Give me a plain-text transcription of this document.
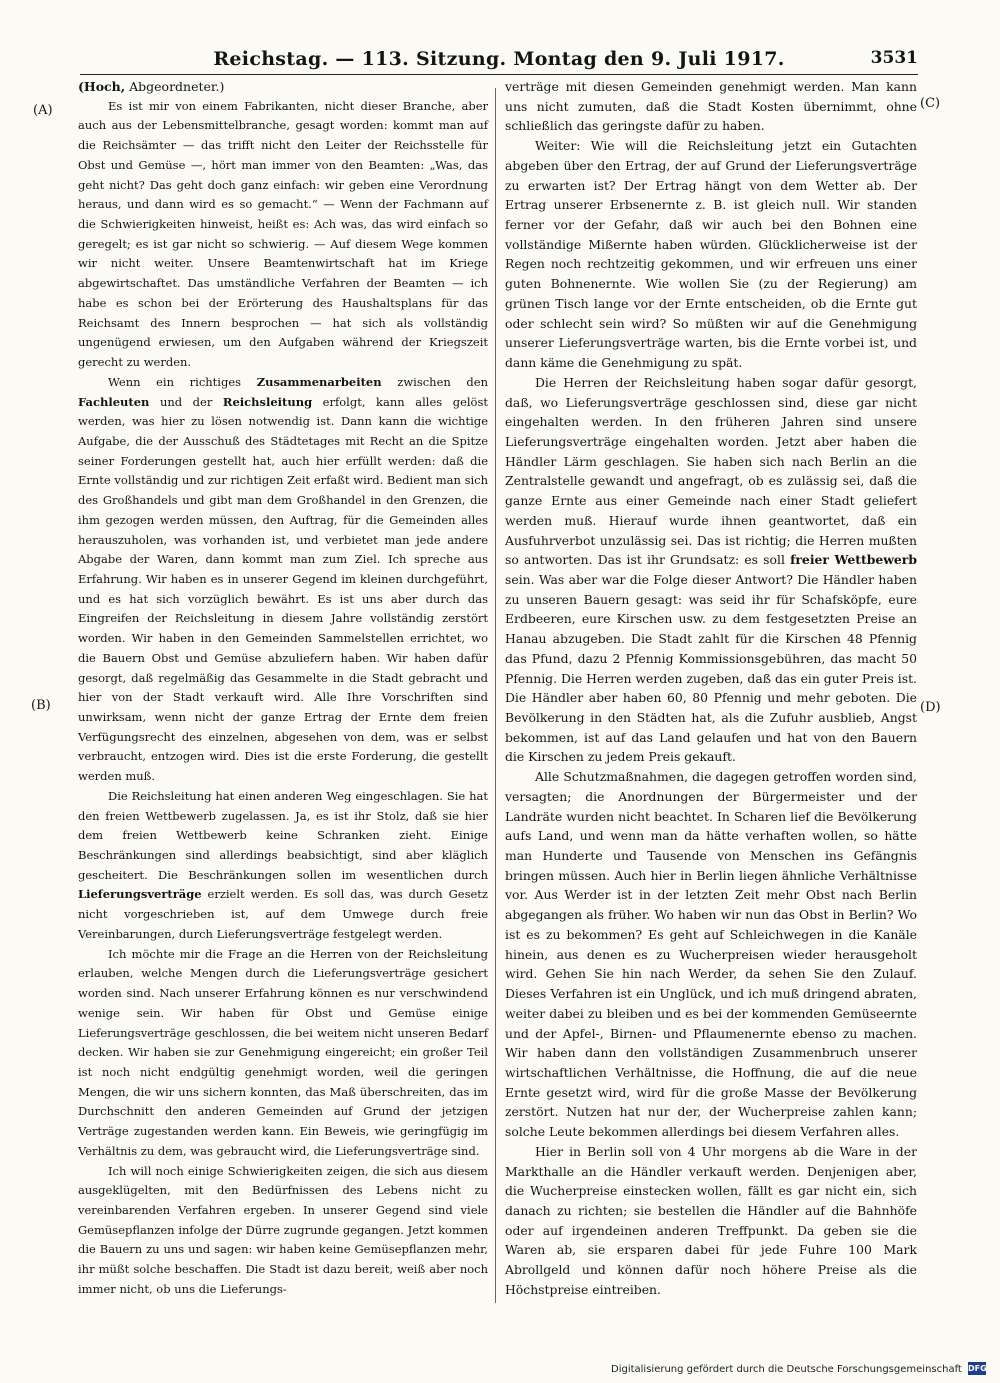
Reichstag. — 113. Sitzung. Montag den 9. Juli 1917.	3531
(A)
(B)
(C)
(D)

(Hoch, Abgeordneter.)

Es ist mir von einem Fabrikanten, nicht dieser Branche, aber auch aus der Lebensmittelbranche, gesagt worden: kommt man auf die Reichsämter — das trifft nicht den Leiter der Reichsstelle für Obst und Gemüse —, hört man immer von den Beamten: „Was, das geht nicht? Das geht doch ganz einfach: wir geben eine Verordnung heraus, und dann wird es so gemacht.“ — Wenn der Fachmann auf die Schwierigkeiten hinweist, heißt es: Ach was, das wird einfach so geregelt; es ist gar nicht so schwierig. — Auf diesem Wege kommen wir nicht weiter. Unsere Beamtenwirtschaft hat im Kriege abgewirtschaftet. Das umständliche Verfahren der Beamten — ich habe es schon bei der Erörterung des Haushaltsplans für das Reichsamt des Innern besprochen — hat sich als vollständig ungenügend erwiesen, um den Aufgaben während der Kriegszeit gerecht zu werden.

Wenn ein richtiges Zusammenarbeiten zwischen den Fachleuten und der Reichsleitung erfolgt, kann alles gelöst werden, was hier zu lösen notwendig ist. Dann kann die wichtige Aufgabe, die der Ausschuß des Städtetages mit Recht an die Spitze seiner Forderungen gestellt hat, auch hier erfüllt werden: daß die Ernte vollständig und zur richtigen Zeit erfaßt wird. Bedient man sich des Großhandels und gibt man dem Großhandel in den Grenzen, die ihm gezogen werden müssen, den Auftrag, für die Gemeinden alles herauszuholen, was vorhanden ist, und verbietet man jede andere Abgabe der Waren, dann kommt man zum Ziel. Ich spreche aus Erfahrung. Wir haben es in unserer Gegend im kleinen durchgeführt, und es hat sich vorzüglich bewährt. Es ist uns aber durch das Eingreifen der Reichsleitung in diesem Jahre vollständig zerstört worden. Wir haben in den Gemeinden Sammelstellen errichtet, wo die Bauern Obst und Gemüse abzuliefern haben. Wir haben dafür gesorgt, daß regelmäßig das Gesammelte in die Stadt gebracht und hier von der Stadt verkauft wird. Alle Ihre Vorschriften sind unwirksam, wenn nicht der ganze Ertrag der Ernte dem freien Verfügungsrecht des einzelnen, abgesehen von dem, was er selbst verbraucht, entzogen wird. Dies ist die erste Forderung, die gestellt werden muß.

Die Reichsleitung hat einen anderen Weg eingeschlagen. Sie hat den freien Wettbewerb zugelassen. Ja, es ist ihr Stolz, daß sie hier dem freien Wettbewerb keine Schranken zieht. Einige Beschränkungen sind allerdings beabsichtigt, sind aber kläglich gescheitert. Die Beschränkungen sollen im wesentlichen durch Lieferungsverträge erzielt werden. Es soll das, was durch Gesetz nicht vorgeschrieben ist, auf dem Umwege durch freie Vereinbarungen, durch Lieferungsverträge festgelegt werden.

Ich möchte mir die Frage an die Herren von der Reichsleitung erlauben, welche Mengen durch die Lieferungsverträge gesichert worden sind. Nach unserer Erfahrung können es nur verschwindend wenige sein. Wir haben für Obst und Gemüse einige Lieferungsverträge geschlossen, die bei weitem nicht unseren Bedarf decken. Wir haben sie zur Genehmigung eingereicht; ein großer Teil ist noch nicht endgültig genehmigt worden, weil die geringen Mengen, die wir uns sichern konnten, das Maß überschreiten, das im Durchschnitt den anderen Gemeinden auf Grund der jetzigen Verträge zugestanden werden kann. Ein Beweis, wie geringfügig im Verhältnis zu dem, was gebraucht wird, die Lieferungsverträge sind.

Ich will noch einige Schwierigkeiten zeigen, die sich aus diesem ausgeklügelten, mit den Bedürfnissen des Lebens nicht zu vereinbarenden Verfahren ergeben. In unserer Gegend sind viele Gemüsepflanzen infolge der Dürre zugrunde gegangen. Jetzt kommen die Bauern zu uns und sagen: wir haben keine Gemüsepflanzen mehr, ihr müßt solche beschaffen. Die Stadt ist dazu bereit, weiß aber noch immer nicht, ob uns die Lieferungs-

verträge mit diesen Gemeinden genehmigt werden. Man kann uns nicht zumuten, daß die Stadt Kosten übernimmt, ohne schließlich das geringste dafür zu haben.

Weiter: Wie will die Reichsleitung jetzt ein Gutachten abgeben über den Ertrag, der auf Grund der Lieferungsverträge zu erwarten ist? Der Ertrag hängt von dem Wetter ab. Der Ertrag unserer Erbsenernte z. B. ist gleich null. Wir standen ferner vor der Gefahr, daß wir auch bei den Bohnen eine vollständige Mißernte haben würden. Glücklicherweise ist der Regen noch rechtzeitig gekommen, und wir erfreuen uns einer guten Bohnenernte. Wie wollen Sie (zu der Regierung) am grünen Tisch lange vor der Ernte entscheiden, ob die Ernte gut oder schlecht sein wird? So müßten wir auf die Genehmigung unserer Lieferungsverträge warten, bis die Ernte vorbei ist, und dann käme die Genehmigung zu spät.

Die Herren der Reichsleitung haben sogar dafür gesorgt, daß, wo Lieferungsverträge geschlossen sind, diese gar nicht eingehalten werden. In den früheren Jahren sind unsere Lieferungsverträge eingehalten worden. Jetzt aber haben die Händler Lärm geschlagen. Sie haben sich nach Berlin an die Zentralstelle gewandt und angefragt, ob es zulässig sei, daß die ganze Ernte aus einer Gemeinde nach einer Stadt geliefert werden muß. Hierauf wurde ihnen geantwortet, daß ein Ausfuhrverbot unzulässig sei. Das ist richtig; die Herren mußten so antworten. Das ist ihr Grundsatz: es soll freier Wettbewerb sein. Was aber war die Folge dieser Antwort? Die Händler haben zu unseren Bauern gesagt: was seid ihr für Schafsköpfe, eure Erdbeeren, eure Kirschen usw. zu dem festgesetzten Preise an Hanau abzugeben. Die Stadt zahlt für die Kirschen 48 Pfennig das Pfund, dazu 2 Pfennig Kommissionsgebühren, das macht 50 Pfennig. Die Herren werden zugeben, daß das ein guter Preis ist. Die Händler aber haben 60, 80 Pfennig und mehr geboten. Die Bevölkerung in den Städten hat, als die Zufuhr ausblieb, Angst bekommen, ist auf das Land gelaufen und hat von den Bauern die Kirschen zu jedem Preis gekauft.

Alle Schutzmaßnahmen, die dagegen getroffen worden sind, versagten; die Anordnungen der Bürgermeister und der Landräte wurden nicht beachtet. In Scharen lief die Bevölkerung aufs Land, und wenn man da hätte verhaften wollen, so hätte man Hunderte und Tausende von Menschen ins Gefängnis bringen müssen. Auch hier in Berlin liegen ähnliche Verhältnisse vor. Aus Werder ist in der letzten Zeit mehr Obst nach Berlin abgegangen als früher. Wo haben wir nun das Obst in Berlin? Wo ist es zu bekommen? Es geht auf Schleichwegen in die Kanäle hinein, aus denen es zu Wucherpreisen wieder herausgeholt wird. Gehen Sie hin nach Werder, da sehen Sie den Zulauf. Dieses Verfahren ist ein Unglück, und ich muß dringend abraten, weiter dabei zu bleiben und es bei der kommenden Gemüseernte und der Apfel-, Birnen- und Pflaumenernte ebenso zu machen. Wir haben dann den vollständigen Zusammenbruch unserer wirtschaftlichen Verhältnisse, die Hoffnung, die auf die neue Ernte gesetzt wird, wird für die große Masse der Bevölkerung zerstört. Nutzen hat nur der, der Wucherpreise zahlen kann; solche Leute bekommen allerdings bei diesem Verfahren alles.

Hier in Berlin soll von 4 Uhr morgens ab die Ware in der Markthalle an die Händler verkauft werden. Denjenigen aber, die Wucherpreise einstecken wollen, fällt es gar nicht ein, sich danach zu richten; sie bestellen die Händler auf die Bahnhöfe oder auf irgendeinen anderen Treffpunkt. Da geben sie die Waren ab, sie ersparen dabei für jede Fuhre 100 Mark Abrollgeld und können dafür noch höhere Preise als die Höchstpreise eintreiben.

Digitalisierung gefördert durch die Deutsche Forschungsgemeinschaft DFG
